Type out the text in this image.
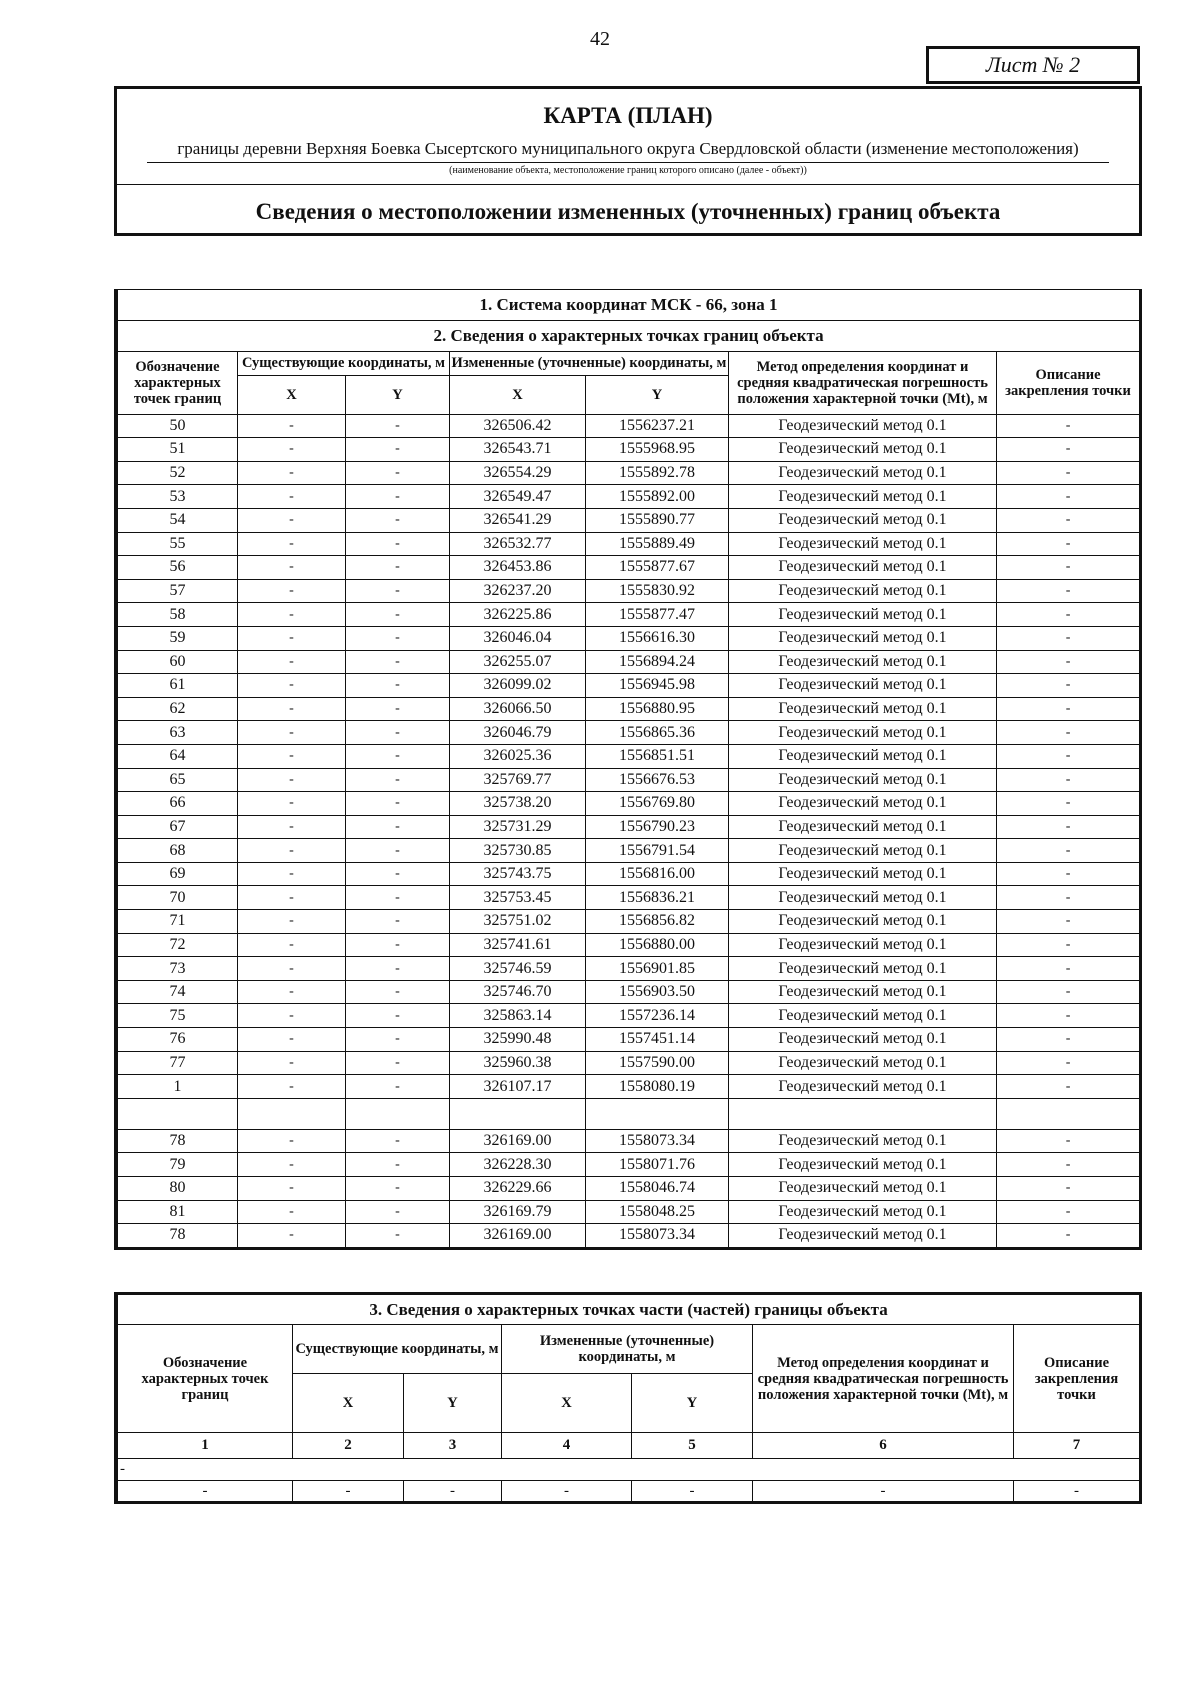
42
Лист № 2
КАРТА (ПЛАН)
границы деревни Верхняя Боевка Сысертского муниципального округа Свердловской области (изменение местоположения)
(наименование объекта, местоположение границ которого описано (далее - объект))
Сведения о местоположении измененных (уточненных) границ объекта
1. Система координат МСК - 66, зона 1						
2. Сведения о характерных точках границ объекта						
Обозначение характерных точек границ	Существующие координаты, м		Измененные (уточненные) координаты, м		Метод определения координат и средняя квадратическая погрешность положения характерной точки (Mt), м	Описание закрепления точки
	X	Y	X	Y		
50	-	-	326506.42	1556237.21	Геодезический метод 0.1	-
51	-	-	326543.71	1555968.95	Геодезический метод 0.1	-
52	-	-	326554.29	1555892.78	Геодезический метод 0.1	-
53	-	-	326549.47	1555892.00	Геодезический метод 0.1	-
54	-	-	326541.29	1555890.77	Геодезический метод 0.1	-
55	-	-	326532.77	1555889.49	Геодезический метод 0.1	-
56	-	-	326453.86	1555877.67	Геодезический метод 0.1	-
57	-	-	326237.20	1555830.92	Геодезический метод 0.1	-
58	-	-	326225.86	1555877.47	Геодезический метод 0.1	-
59	-	-	326046.04	1556616.30	Геодезический метод 0.1	-
60	-	-	326255.07	1556894.24	Геодезический метод 0.1	-
61	-	-	326099.02	1556945.98	Геодезический метод 0.1	-
62	-	-	326066.50	1556880.95	Геодезический метод 0.1	-
63	-	-	326046.79	1556865.36	Геодезический метод 0.1	-
64	-	-	326025.36	1556851.51	Геодезический метод 0.1	-
65	-	-	325769.77	1556676.53	Геодезический метод 0.1	-
66	-	-	325738.20	1556769.80	Геодезический метод 0.1	-
67	-	-	325731.29	1556790.23	Геодезический метод 0.1	-
68	-	-	325730.85	1556791.54	Геодезический метод 0.1	-
69	-	-	325743.75	1556816.00	Геодезический метод 0.1	-
70	-	-	325753.45	1556836.21	Геодезический метод 0.1	-
71	-	-	325751.02	1556856.82	Геодезический метод 0.1	-
72	-	-	325741.61	1556880.00	Геодезический метод 0.1	-
73	-	-	325746.59	1556901.85	Геодезический метод 0.1	-
74	-	-	325746.70	1556903.50	Геодезический метод 0.1	-
75	-	-	325863.14	1557236.14	Геодезический метод 0.1	-
76	-	-	325990.48	1557451.14	Геодезический метод 0.1	-
77	-	-	325960.38	1557590.00	Геодезический метод 0.1	-
1	-	-	326107.17	1558080.19	Геодезический метод 0.1	-

78	-	-	326169.00	1558073.34	Геодезический метод 0.1	-
79	-	-	326228.30	1558071.76	Геодезический метод 0.1	-
80	-	-	326229.66	1558046.74	Геодезический метод 0.1	-
81	-	-	326169.79	1558048.25	Геодезический метод 0.1	-
78	-	-	326169.00	1558073.34	Геодезический метод 0.1	-
3. Сведения о характерных точках части (частей) границы объекта						
Обозначение характерных точек границ	Существующие координаты, м		Измененные (уточненные) координаты, м		Метод определения координат и средняя квадратическая погрешность положения характерной точки (Mt), м	Описание закрепления точки
	X	Y	X	Y		
1	2	3	4	5	6	7
-						
-	-	-	-	-	-	-
